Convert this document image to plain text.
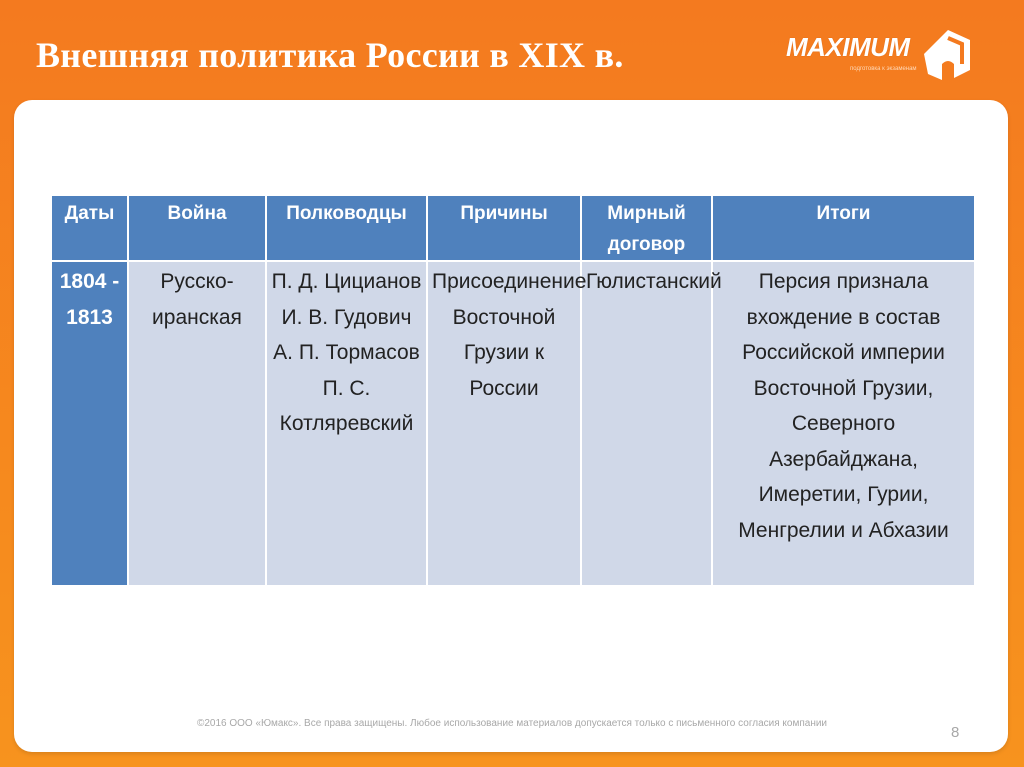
Внешняя политика России в XIX в.	MAXIMUM
подготовка к экзаменам
Даты	Война	Полководцы	Причины	Мирный договор	Итоги
1804 - 1813	Русско-иранская	П. Д. Цицианов И. В. Гудович А. П. Тормасов П. С. Котляревский	Присоединение Восточной Грузии к России	Гюлистанский	Персия признала вхождение в состав Российской империи Восточной Грузии, Северного Азербайджана, Имеретии, Гурии, Менгрелии и Абхазии
©2016 ООО «Юмакс». Все права защищены. Любое использование материалов допускается только с письменного согласия компании
8
